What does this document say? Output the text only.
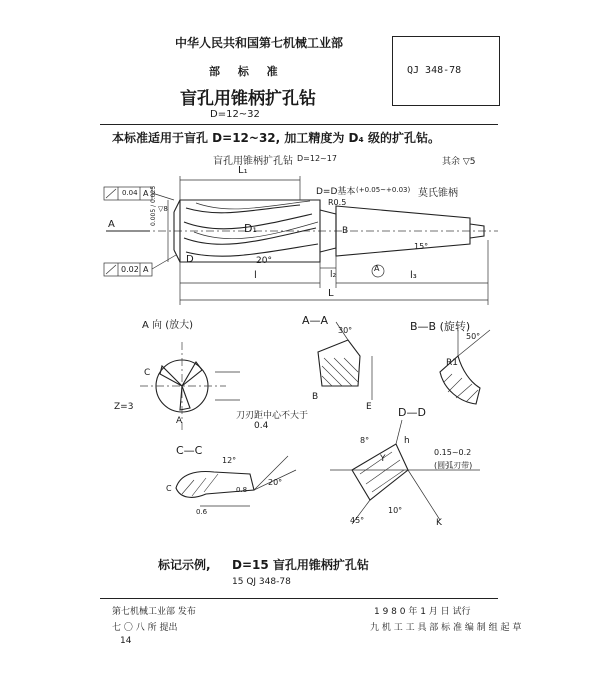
中华人民共和国第七机械工业部
部 标 准
盲孔用锥柄扩孔钻
D=12~32
QJ 348-78
本标准适用于盲孔 D=12~32, 加工精度为 D₄ 级的扩孔钻。
盲孔用锥柄扩孔钻 D=12~17	其余 ▽5
L₁
D=D基本 (+0.05~+0.03) 莫氏锥柄
R0.5
0.04 A
0.02 A
▽8
D₁
0.005 / 0.025
A
20°
D
B
A
15°
l	l₂	l₃
L
A 向 (放大)
C
Z=3
A	刀刃距中心不大于
0.4
A—A
30°
B
E
B—B (旋转)
50°
R1
C—C
12°
20°
0.8
0.6
C
D—D
8°
10°
45°
h
K
Y
0.15~0.2
(圆弧刃带)
标记示例, D=15 盲孔用锥柄扩孔钻
15 QJ 348-78
第七机械工业部 发布
七 〇 八 所 提出
14
1 9 8 0 年 1 月 日 试行
九 机 工 工 具 部 标 准 编 制 组 起 草
